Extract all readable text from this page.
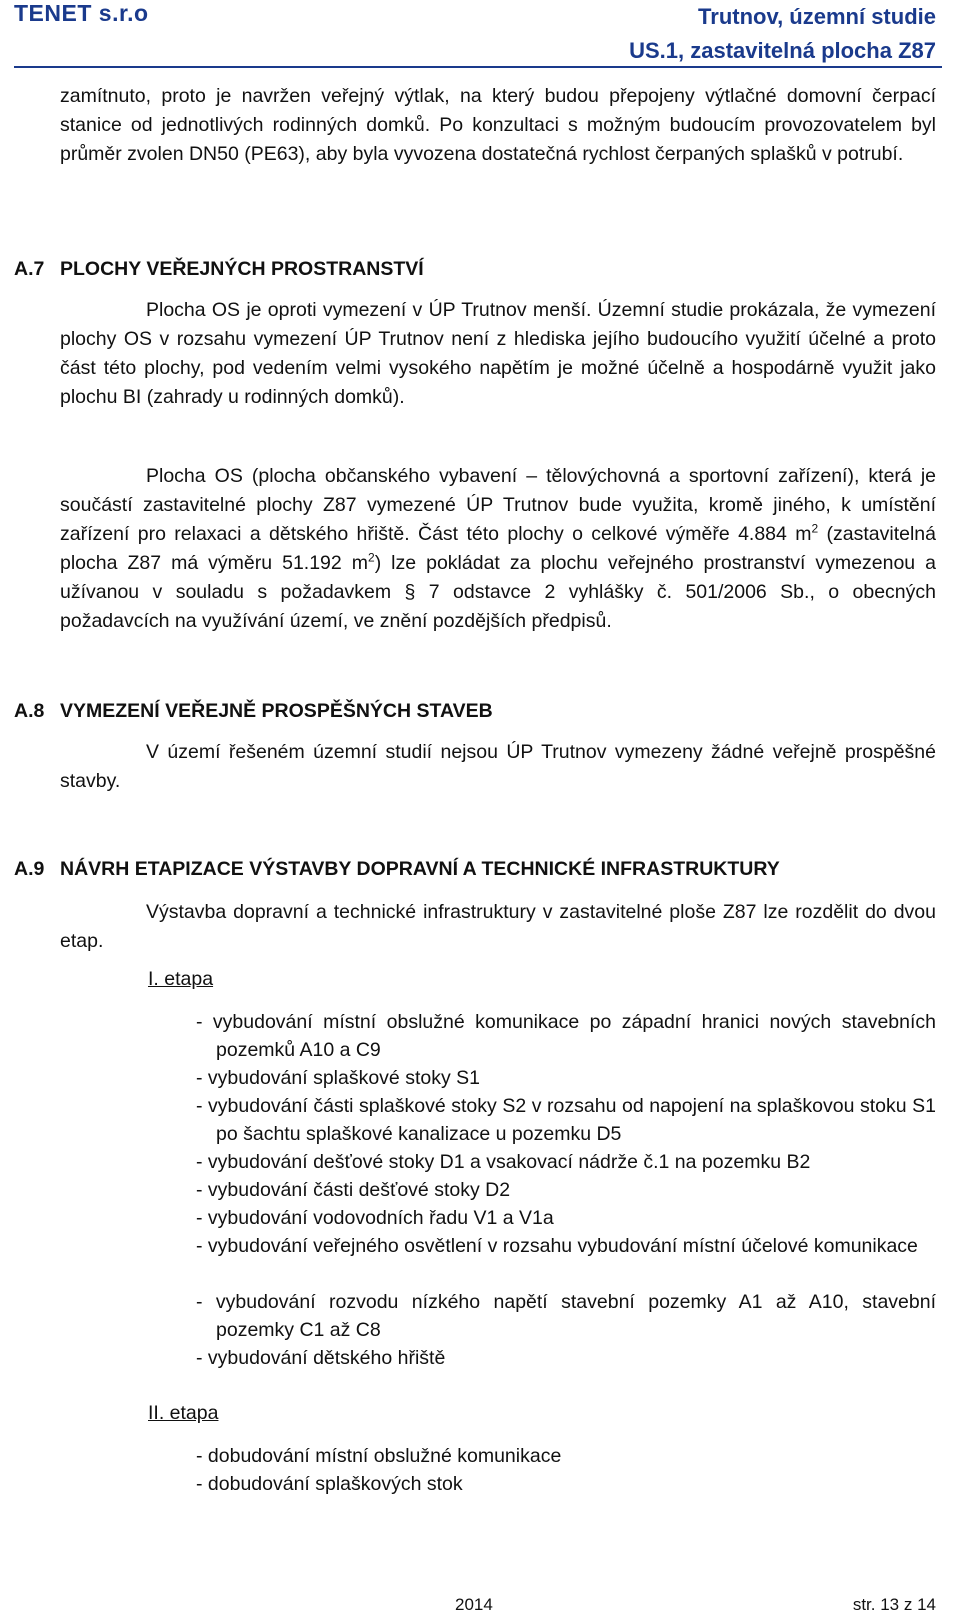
TENET s.r.o	Trutnov, územní studie
US.1, zastavitelná plocha Z87
zamítnuto, proto je navržen veřejný výtlak, na který budou přepojeny výtlačné domovní čerpací stanice od jednotlivých rodinných domků. Po konzultaci s možným budoucím provozovatelem byl průměr zvolen DN50 (PE63), aby byla vyvozena dostatečná rychlost čerpaných splašků v potrubí.
A.7 PLOCHY VEŘEJNÝCH PROSTRANSTVÍ
Plocha OS je oproti vymezení v ÚP Trutnov menší. Územní studie prokázala, že vymezení plochy OS v rozsahu vymezení ÚP Trutnov není z hlediska jejího budoucího využití účelné a proto část této plochy, pod vedením velmi vysokého napětím je možné účelně a hospodárně využit jako plochu BI (zahrady u rodinných domků).
Plocha OS (plocha občanského vybavení – tělovýchovná a sportovní zařízení), která je součástí zastavitelné plochy Z87 vymezené ÚP Trutnov bude využita, kromě jiného, k umístění zařízení pro relaxaci a dětského hřiště. Část této plochy o celkové výměře 4.884 $m^2$ (zastavitelná plocha Z87 má výměru 51.192 $m^2$) lze pokládat za plochu veřejného prostranství vymezenou a užívanou v souladu s požadavkem § 7 odstavce 2 vyhlášky č. 501/2006 Sb., o obecných požadavcích na využívání území, ve znění pozdějších předpisů.
A.8 VYMEZENÍ VEŘEJNĚ PROSPĚŠNÝCH STAVEB
V území řešeném územní studií nejsou ÚP Trutnov vymezeny žádné veřejně prospěšné stavby.
A.9 NÁVRH ETAPIZACE VÝSTAVBY DOPRAVNÍ A TECHNICKÉ INFRASTRUKTURY
Výstavba dopravní a technické infrastruktury v zastavitelné ploše Z87 lze rozdělit do dvou etap.
I. etapa
- vybudování místní obslužné komunikace po západní hranici nových stavebních pozemků A10 a C9
- vybudování splaškové stoky S1
- vybudování části splaškové stoky S2 v rozsahu od napojení na splaškovou stoku S1 po šachtu splaškové kanalizace u pozemku D5
- vybudování dešťové stoky D1 a vsakovací nádrže č.1 na pozemku B2
- vybudování části dešťové stoky D2
- vybudování vodovodních řadu V1 a V1a
- vybudování veřejného osvětlení v rozsahu vybudování místní účelové komunikace
- vybudování rozvodu nízkého napětí stavební pozemky A1 až A10, stavební pozemky C1 až C8
- vybudování dětského hřiště
II. etapa
- dobudování místní obslužné komunikace
- dobudování splaškových stok
2014	str. 13 z 14
